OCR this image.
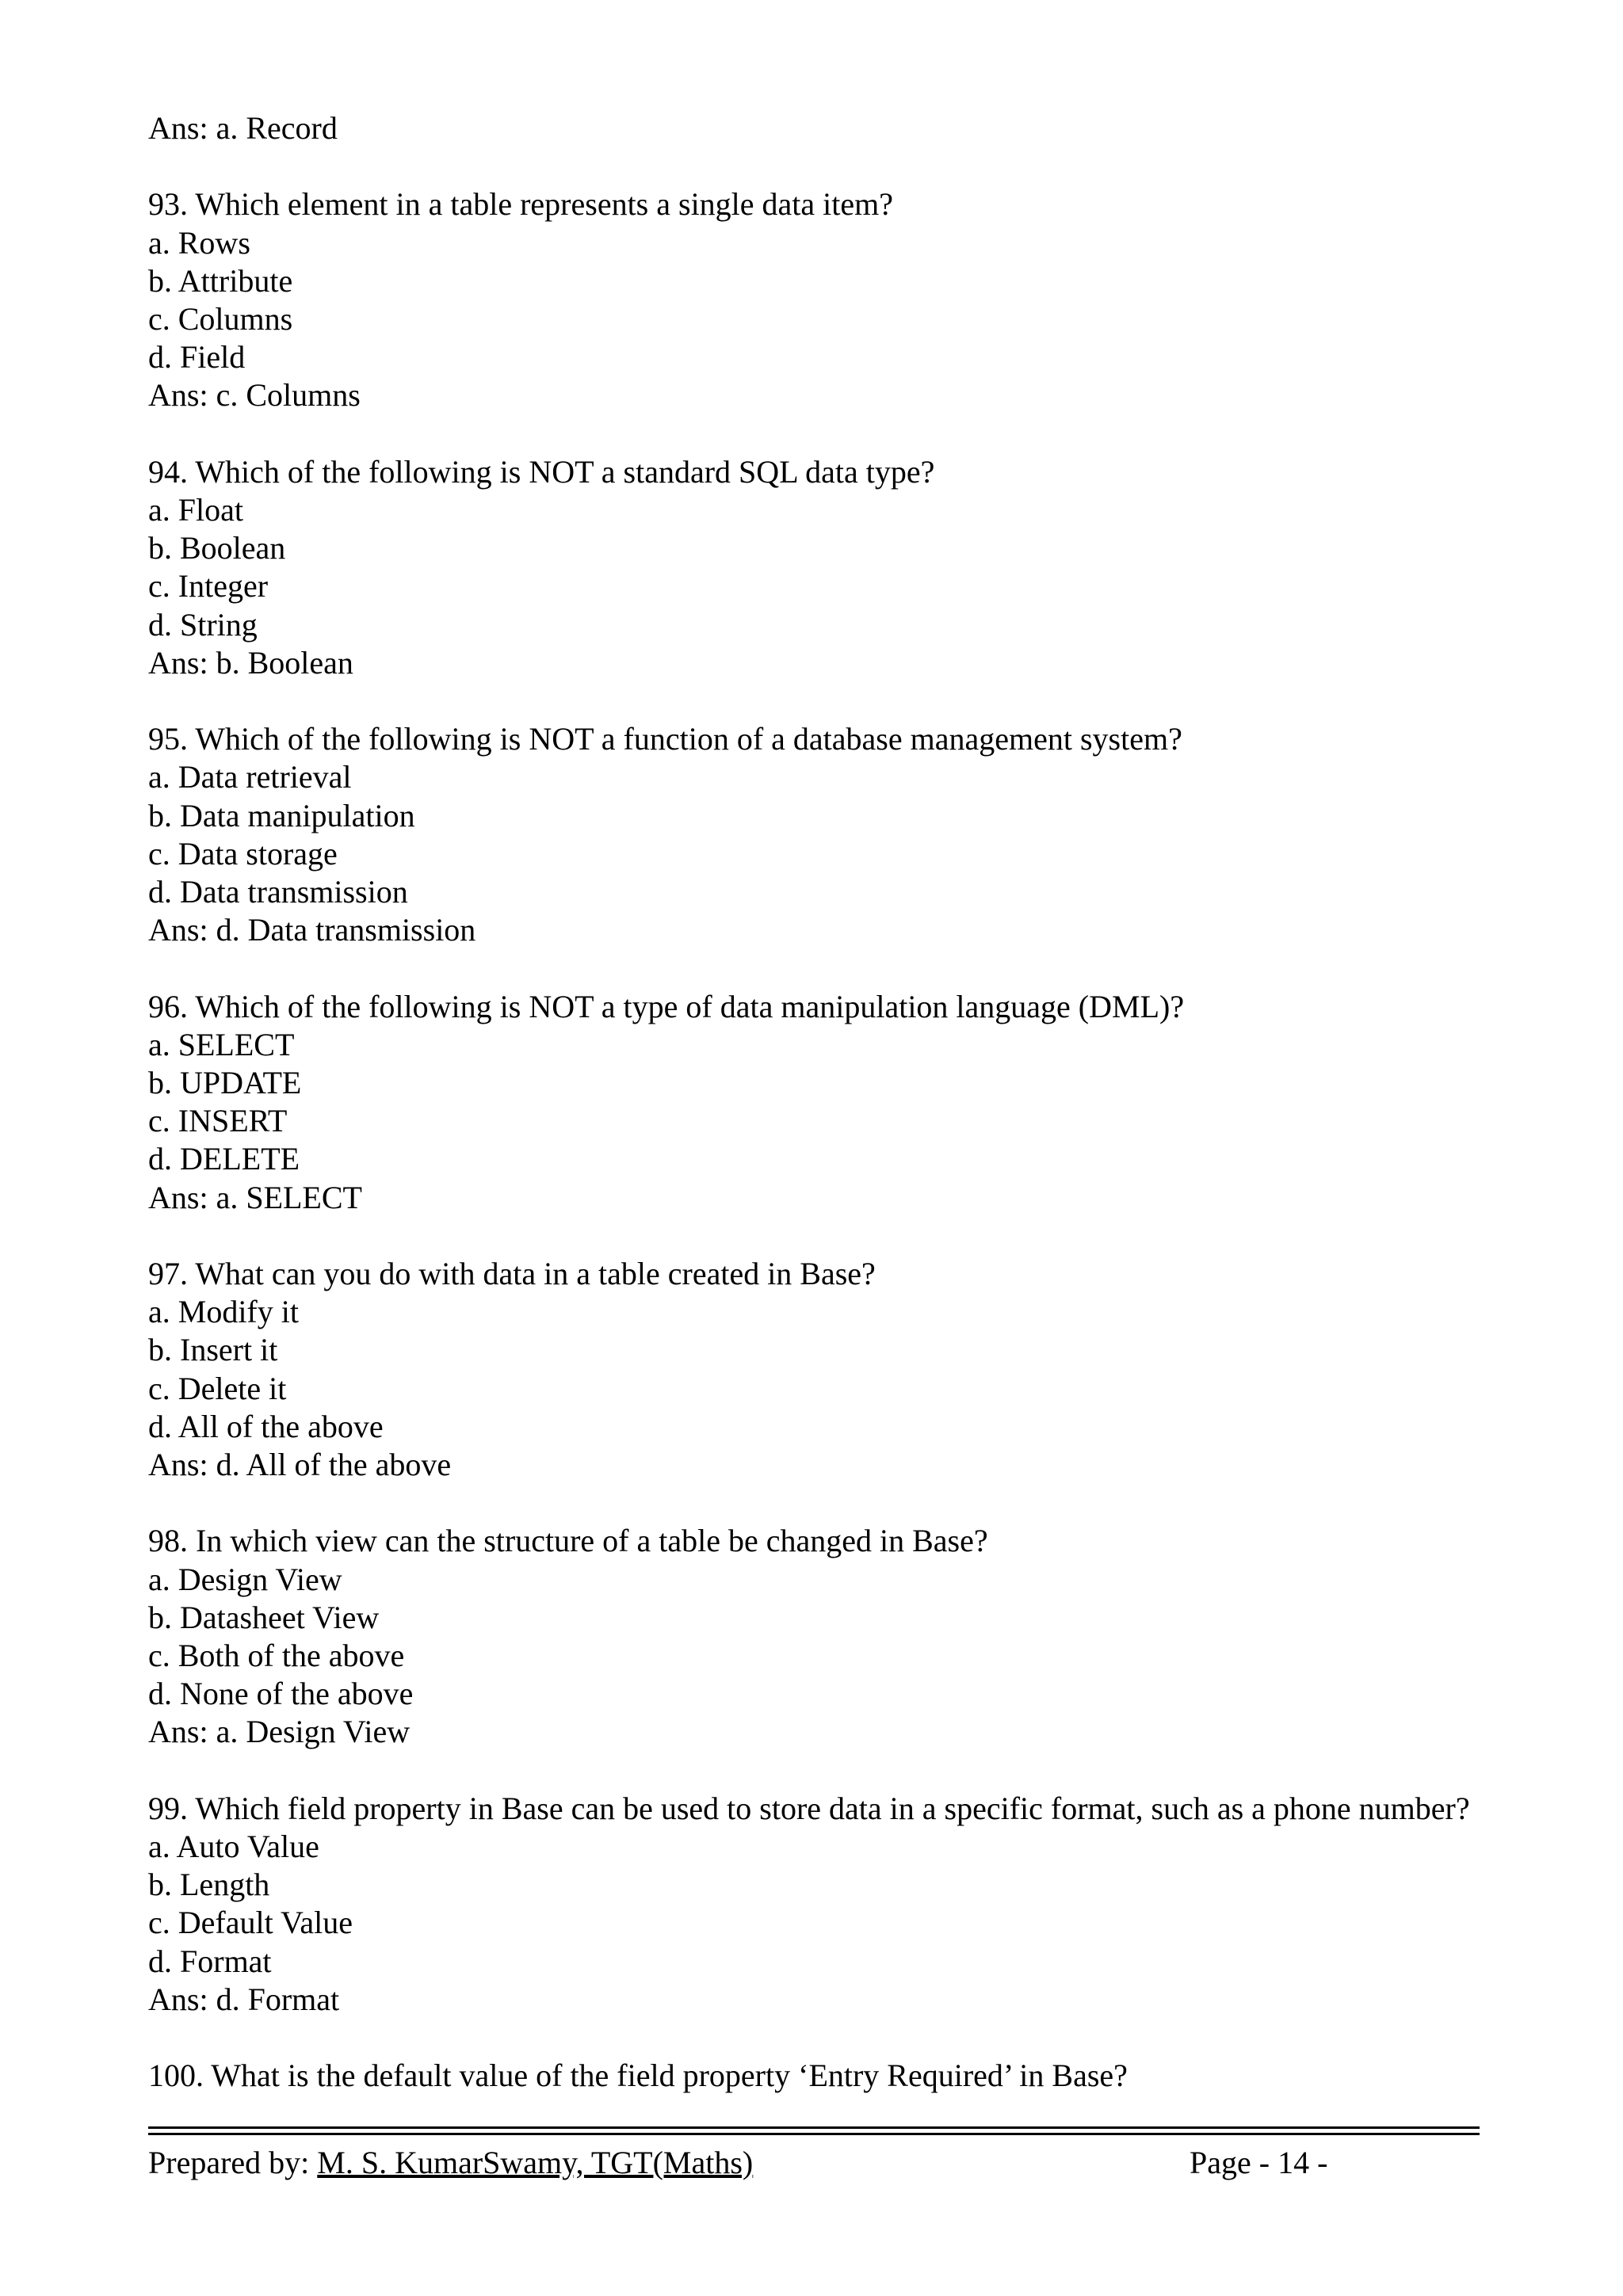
Ans: a. Record
93. Which element in a table represents a single data item?
a. Rows
b. Attribute
c. Columns
d. Field
Ans: c. Columns
94. Which of the following is NOT a standard SQL data type?
a. Float
b. Boolean
c. Integer
d. String
Ans: b. Boolean
95. Which of the following is NOT a function of a database management system?
a. Data retrieval
b. Data manipulation
c. Data storage
d. Data transmission
Ans: d. Data transmission
96. Which of the following is NOT a type of data manipulation language (DML)?
a. SELECT
b. UPDATE
c. INSERT
d. DELETE
Ans: a. SELECT
97. What can you do with data in a table created in Base?
a. Modify it
b. Insert it
c. Delete it
d. All of the above
Ans: d. All of the above
98. In which view can the structure of a table be changed in Base?
a. Design View
b. Datasheet View
c. Both of the above
d. None of the above
Ans: a. Design View
99. Which field property in Base can be used to store data in a specific format, such as a phone number?
a. Auto Value
b. Length
c. Default Value
d. Format
Ans: d. Format
100. What is the default value of the field property ‘Entry Required’ in Base?
Prepared by: M. S. KumarSwamy, TGT(Maths)	Page - 14 -
